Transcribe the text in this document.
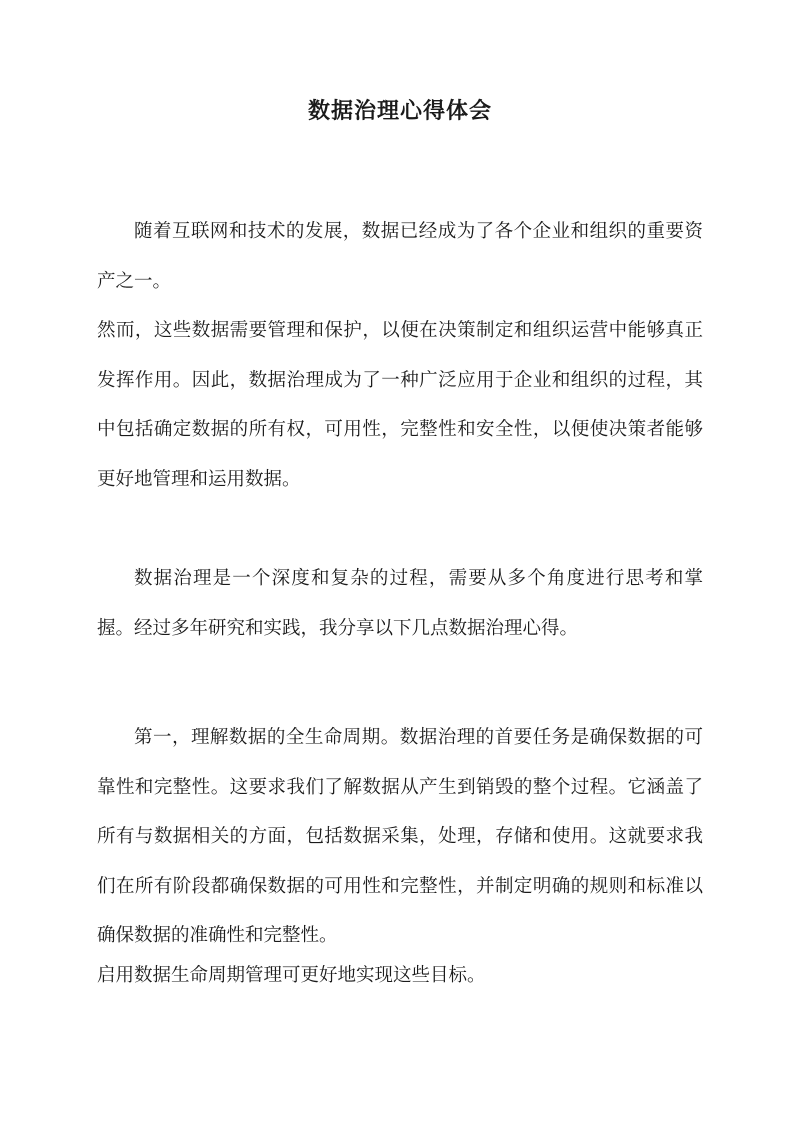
数据治理心得体会

随着互联网和技术的发展，数据已经成为了各个企业和组织的重要资产之一。

然而，这些数据需要管理和保护，以便在决策制定和组织运营中能够真正发挥作用。因此，数据治理成为了一种广泛应用于企业和组织的过程，其中包括确定数据的所有权，可用性，完整性和安全性，以便使决策者能够更好地管理和运用数据。

数据治理是一个深度和复杂的过程，需要从多个角度进行思考和掌握。经过多年研究和实践，我分享以下几点数据治理心得。

第一，理解数据的全生命周期。数据治理的首要任务是确保数据的可靠性和完整性。这要求我们了解数据从产生到销毁的整个过程。它涵盖了所有与数据相关的方面，包括数据采集，处理，存储和使用。这就要求我们在所有阶段都确保数据的可用性和完整性，并制定明确的规则和标准以确保数据的准确性和完整性。

启用数据生命周期管理可更好地实现这些目标。
